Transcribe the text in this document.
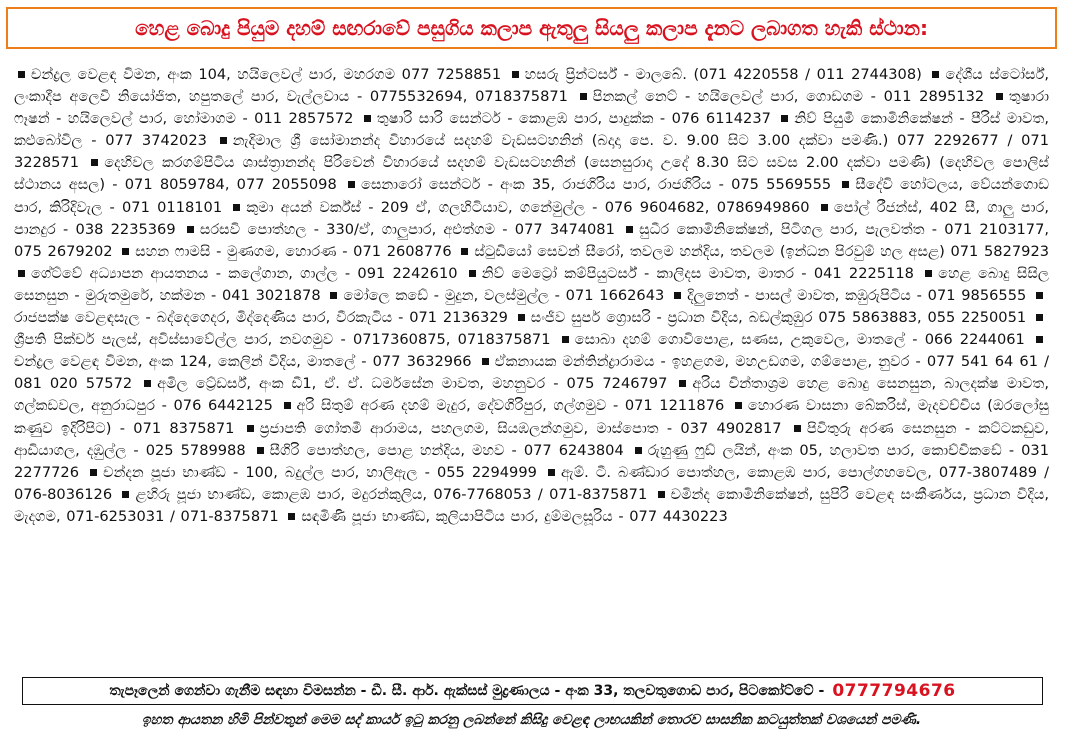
හෙළ බොදු පියුම දහම් සඟරාවේ පසුගිය කලාප ඇතුලු සියලු කලාප දැනට ලබාගත හැකි ස්ථාන:
චන්ද්‍රල වෙළඳ විමන, අංක 104, හයිලෙවල් පාර, මහරගම 077 7258851 හසරු ප්‍රින්ටර්ස් - මාලබේ. (071 4220558 / 011 2744308) දේශීය ස්ටෝර්ස්, ලංකාදීප අලෙවි නියෝජිත, හපුතලේ පාර, වැල්ලවාය - 0775532694, 0718375871 පිනකල් නෙට් - හයිලෙවල් පාර, ගොඩගම - 011 2895132 තුෂාරා ෆෑෂන් - හයිලෙවල් පාර, හෝමාගම - 011 2857572 තුෂාරි සාරි සෙන්ටර් - කොළඹ පාර, පාදුක්ක - 076 6114237 නිව් පියුමි කොමිනිකේෂන් - පීරිස් මාවත, කළුබෝවිල - 077 3742023 නැදිමාල ශ්‍රී සෝමානන්ද විහාරයේ සදහම් වැඩසටහනින් (බදාදා පෙ. ව. 9.00 සිට 3.00 දක්වා පමණි.) 077 2292677 / 071 3228571 දෙහිවල කරගම්පිටිය ශාස්ත්‍රානන්ද පිරිවෙන් විහාරයේ සදහම් වැඩසටහනින් (සෙනසුරාදා උදේ 8.30 සිට සවස 2.00 දක්වා පමණි) (දෙහිවල පොලිස් ස්ථානය අසල) - 071 8059784, 077 2055098 සෙනාරෝ සෙන්ටර් - අංක 35, රාජගිරිය පාර, රාජගිරිය - 075 5569555 සීදේවි හෝටලය, වේයන්ගොඩ පාර, කිරිදිවැල - 071 0118101 කුමා අයන් වර්ක්ස් - 209 ඒ, ගලහිටියාව, ගනේමුල්ල - 076 9604682, 0786949860 පෝල් රීජන්ස්, 402 සී, ගාලු පාර, පානදුර - 038 2235369 සරසවි පොත්හල - 330/ඒ, ගාලුපාර, අළුත්ගම - 077 3474081 සුධීර කොමිනිකේෂන්, පිටිගල පාර, පැලවත්ත - 071 2103177, 075 2679202 සහන ෆාමසි - මුණගම, හොරණ - 071 2608776 ස්ටුඩියෝ සෙවන් සීරෝ, තවලම හන්දිය, තවලම (ඉන්ධන පිරවුම් හල අසළ) 071 5827923 ගේට්වේ අධ්‍යාපන ආයතනය - කලේගාන, ගාල්ල - 091 2242610 නිව් මෙට්‍රෝ කම්පියුටර්ස් - කාලිදස මාවත, මාතර - 041 2225118 හෙළ බොදු සිසිල සෙනසුන - මුරුතමුරේ, හක්මන - 041 3021878 මෝලෙ කඩේ - මුදුන, වලස්මුල්ල - 071 1662643 දිලුනෙත් - පාසල් මාවත, කඹුරුපිටිය - 071 9856555 රාජපක්ෂ වෙළඳසැල - බද්දෙගෙදර, මිද්දෙණිය පාර, වීරකැටිය - 071 2136329 සංජීව සුපර් ග්‍රොසරි - ප්‍රධාන විදිය, බඩල්කුඹුර 075 5863883, 055 2250051 ශ්‍රීපති පික්චර් පැලස්, අවිස්සාවේල්ල පාර, නවගමුව - 0717360875, 0718375871 සොබා දහම් ගොවිපොළ, සණස, උකුවෙල, මාතලේ - 066 2244061 චන්ද්‍රල වෙළඳ විමන, අංක 124, කෙලින් වීදිය, මාතලේ - 077 3632966 ඒකනායක මන්තින්ද්‍රාරාමය - ඉහළගම, මහඋඩගම, ගම්පොළ, නුවර - 077 541 64 61 / 081 020 57572 අමිල ට්‍රේඩර්ස්, අංක ඩී1, ඒ. ඒ. ධර්මසේන මාවත, මහනුවර - 075 7246797 අරිය චින්තාශ්‍රම හෙළ බොදු සෙනසුන, බාලදක්ෂ මාවත, ගල්කඩවල, අනුරාධපුර - 076 6442125 අරි සිතුම් අරණ දහම් මැදුර, දේවගිරිපුර, ගල්ගමුව - 071 1211876 හොරණ වාසනා බේකරිස්, මැදවච්චිය (ඔරලෝසු කණුව ඉදිරිපිට) - 071 8375871 ප්‍රජාපති ගෝතමී ආරාමය, පහලගම, සියඹලන්ගමුව, මාස්පොත - 037 4902817 පිවිතුරු අරණ සෙනසුන - කට්ටකඩුව, ආඩියාගල, දඹුල්ල - 025 5789988 සීගිරි පොත්හල, පොළ හන්දිය, මහව - 077 6243804 රුහුණු ෆුඩ් ලයින්, අංක 05, හලාවත පාර, කොච්චිකඩේ - 031 2277726 චන්දන පූජා භාණ්ඩ - 100, බදුල්ල පාර, හාලිඇල - 055 2294999 ඇම්. ටී. බණ්ඩාර පොත්හල, කොළඹ පාර, පොල්ගහවෙල, 077-3807489 / 076-8036126 ළහිරු පූජා භාණ්ඩ, කොළඹ පාර, මදුරන්කුලිය, 076-7768053 / 071-8375871 චමින්ද කොමිනිකේෂන්, සුපිරි වෙළඳ සංකීර්ණය, ප්‍රධාන විදිය, මැදගම, 071-6253031 / 071-8375871 සඳමිණි පූජා භාණ්ඩ, කුලියාපිටිය පාර, දුම්මලසූරිය - 077 4430223
තැපෑලෙන් ගෙන්වා ගැනීම සඳහා විමසන්න - ඩී. සී. ආර්. ඇක්සස් මුද්‍රණාලය - අංක 33, තලවතුගොඩ පාර, පිටකෝට්ටේ - 0777794676
ඉහත ආයතන හිමි පින්වතුන් මෙම සද් කාර්ය ඉටු කරනු ලබන්නේ කිසිදු වෙළඳ ලාභයකින් තොරව සාසනික කටයුත්තක් වශයෙන් පමණි.
